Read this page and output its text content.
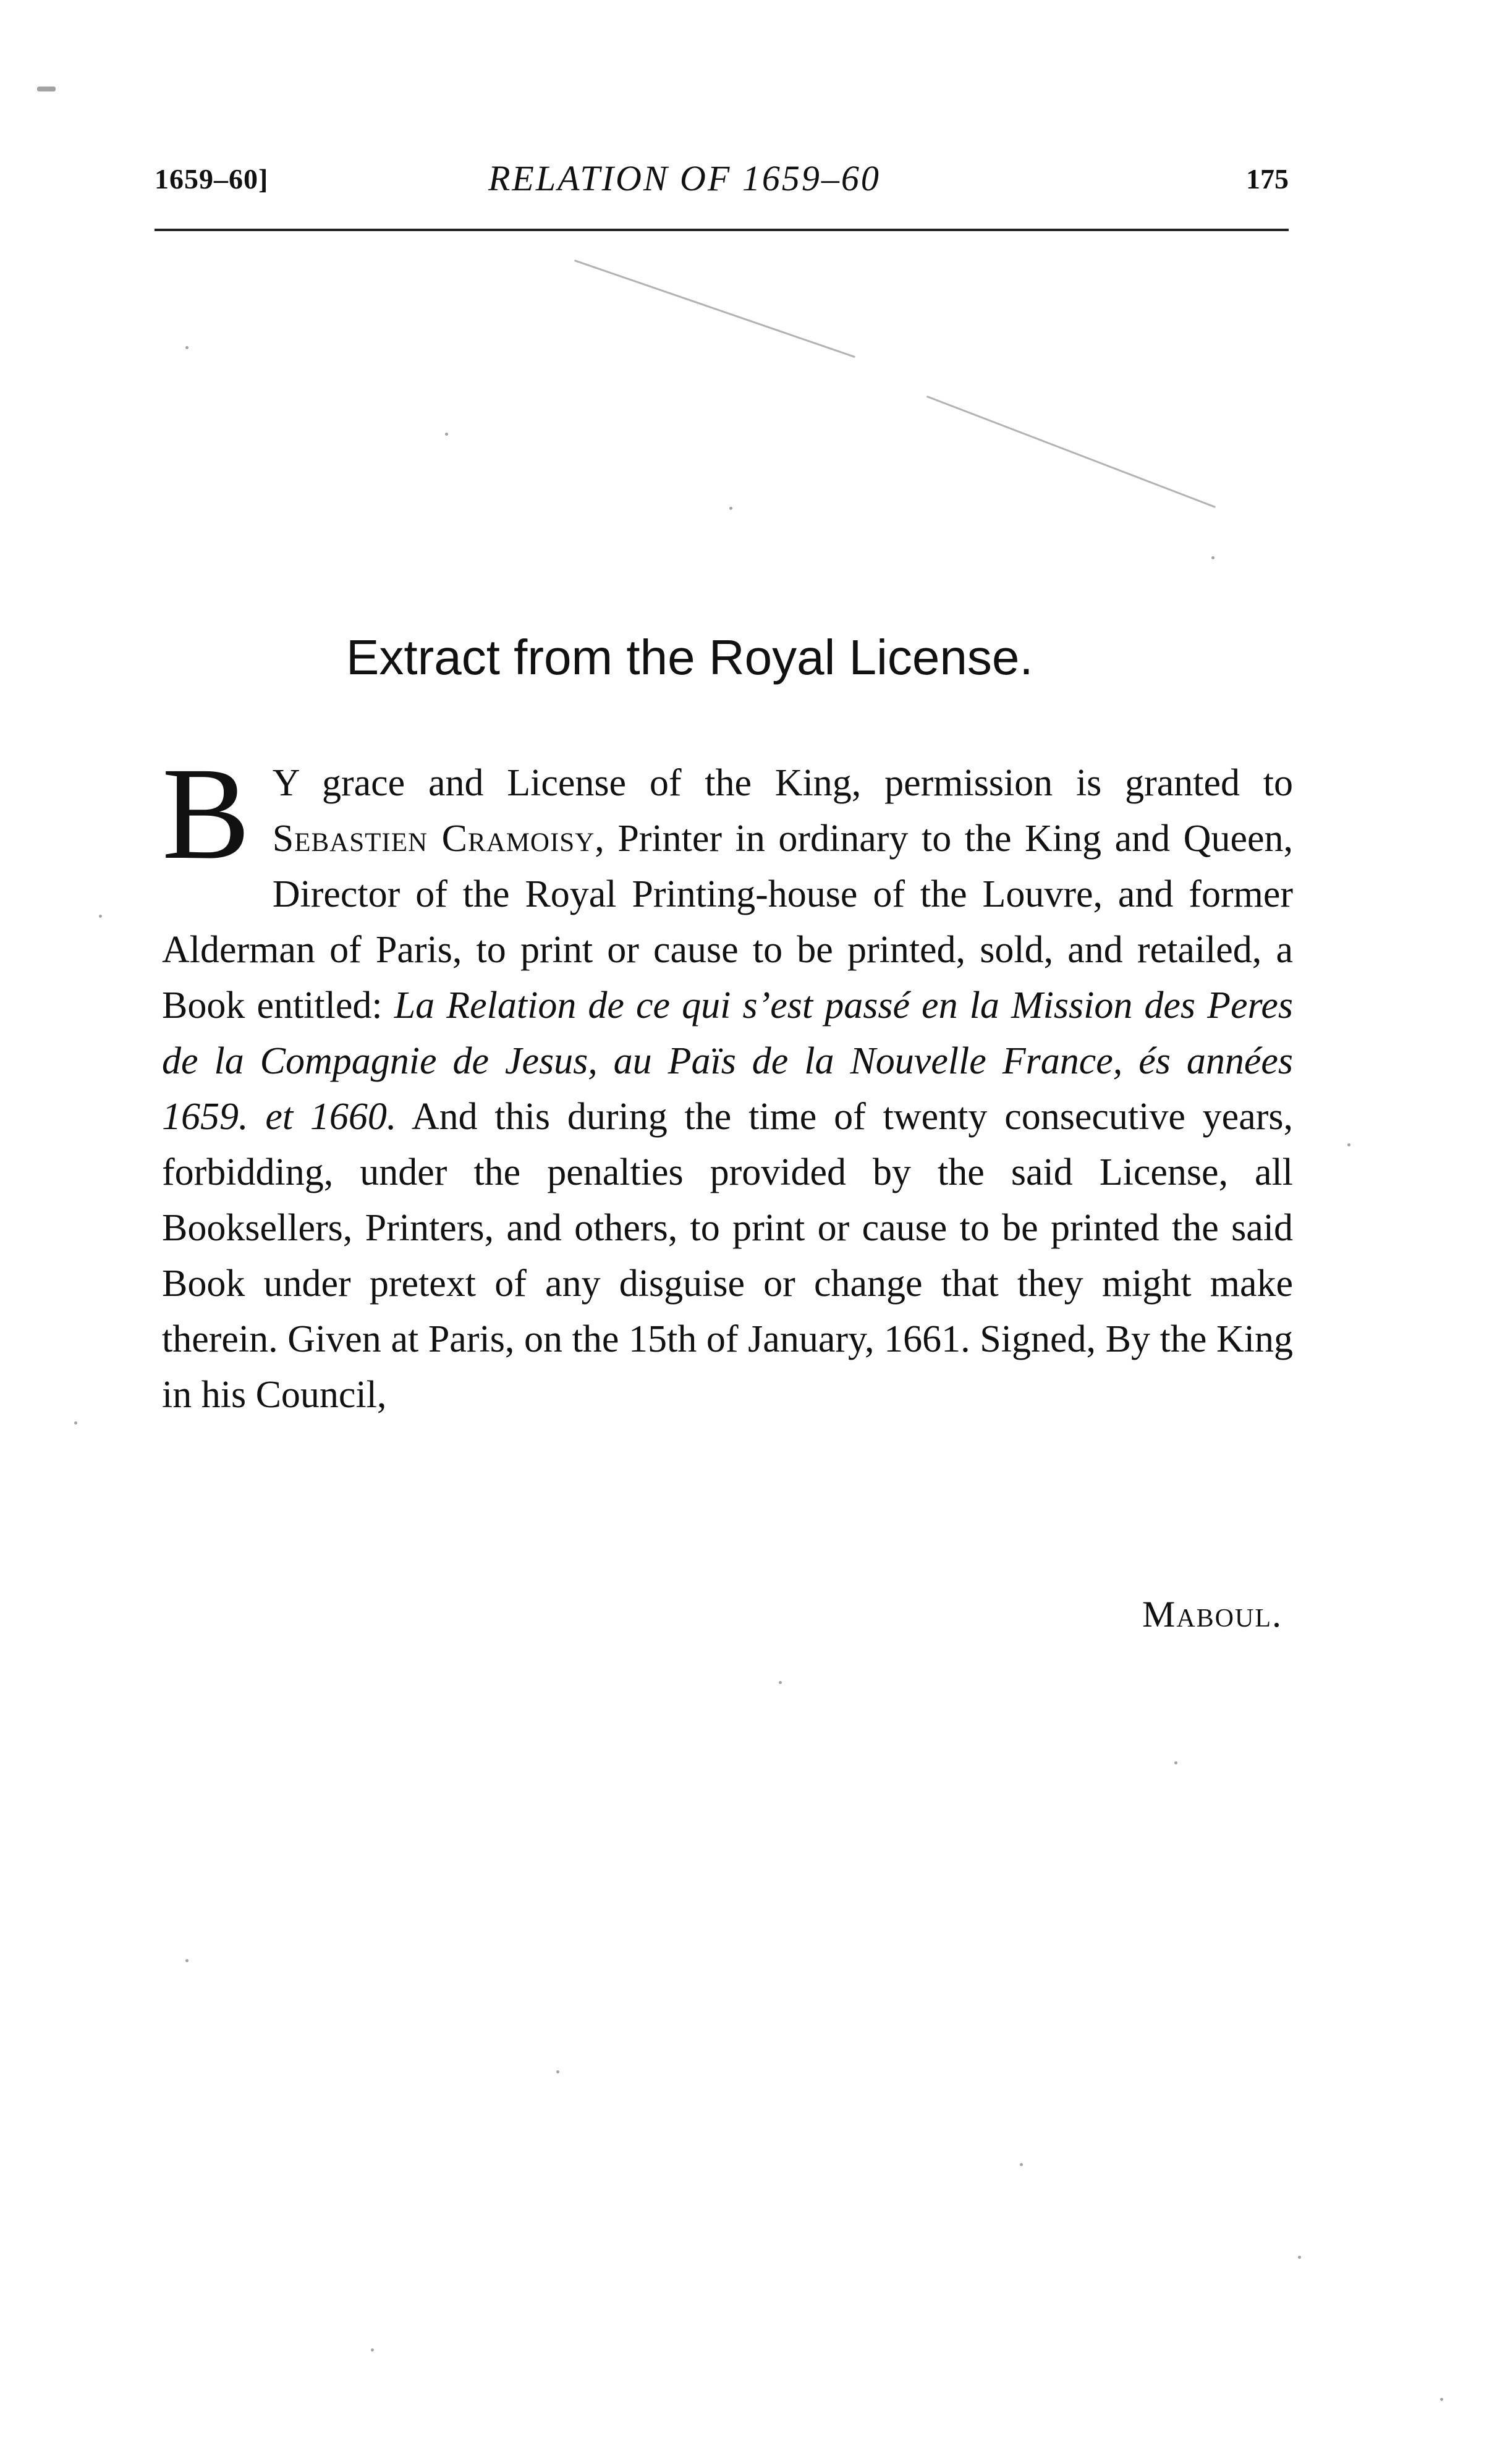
1659–60]	RELATION OF 1659–60	175
Extract from the Royal License.
B Y grace and License of the King, permission is granted to Sebastien Cramoisy, Printer in ordinary to the King and Queen, Director of the Royal Printing-house of the Louvre, and former Alderman of Paris, to print or cause to be printed, sold, and retailed, a Book entitled: La Relation de ce qui s’est passé en la Mission des Peres de la Compagnie de Jesus, au Païs de la Nouvelle France, és années 1659. et 1660. And this during the time of twenty consecutive years, forbidding, under the penalties provided by the said License, all Booksellers, Printers, and others, to print or cause to be printed the said Book under pretext of any disguise or change that they might make therein. Given at Paris, on the 15th of January, 1661. Signed, By the King in his Council,
Maboul.
